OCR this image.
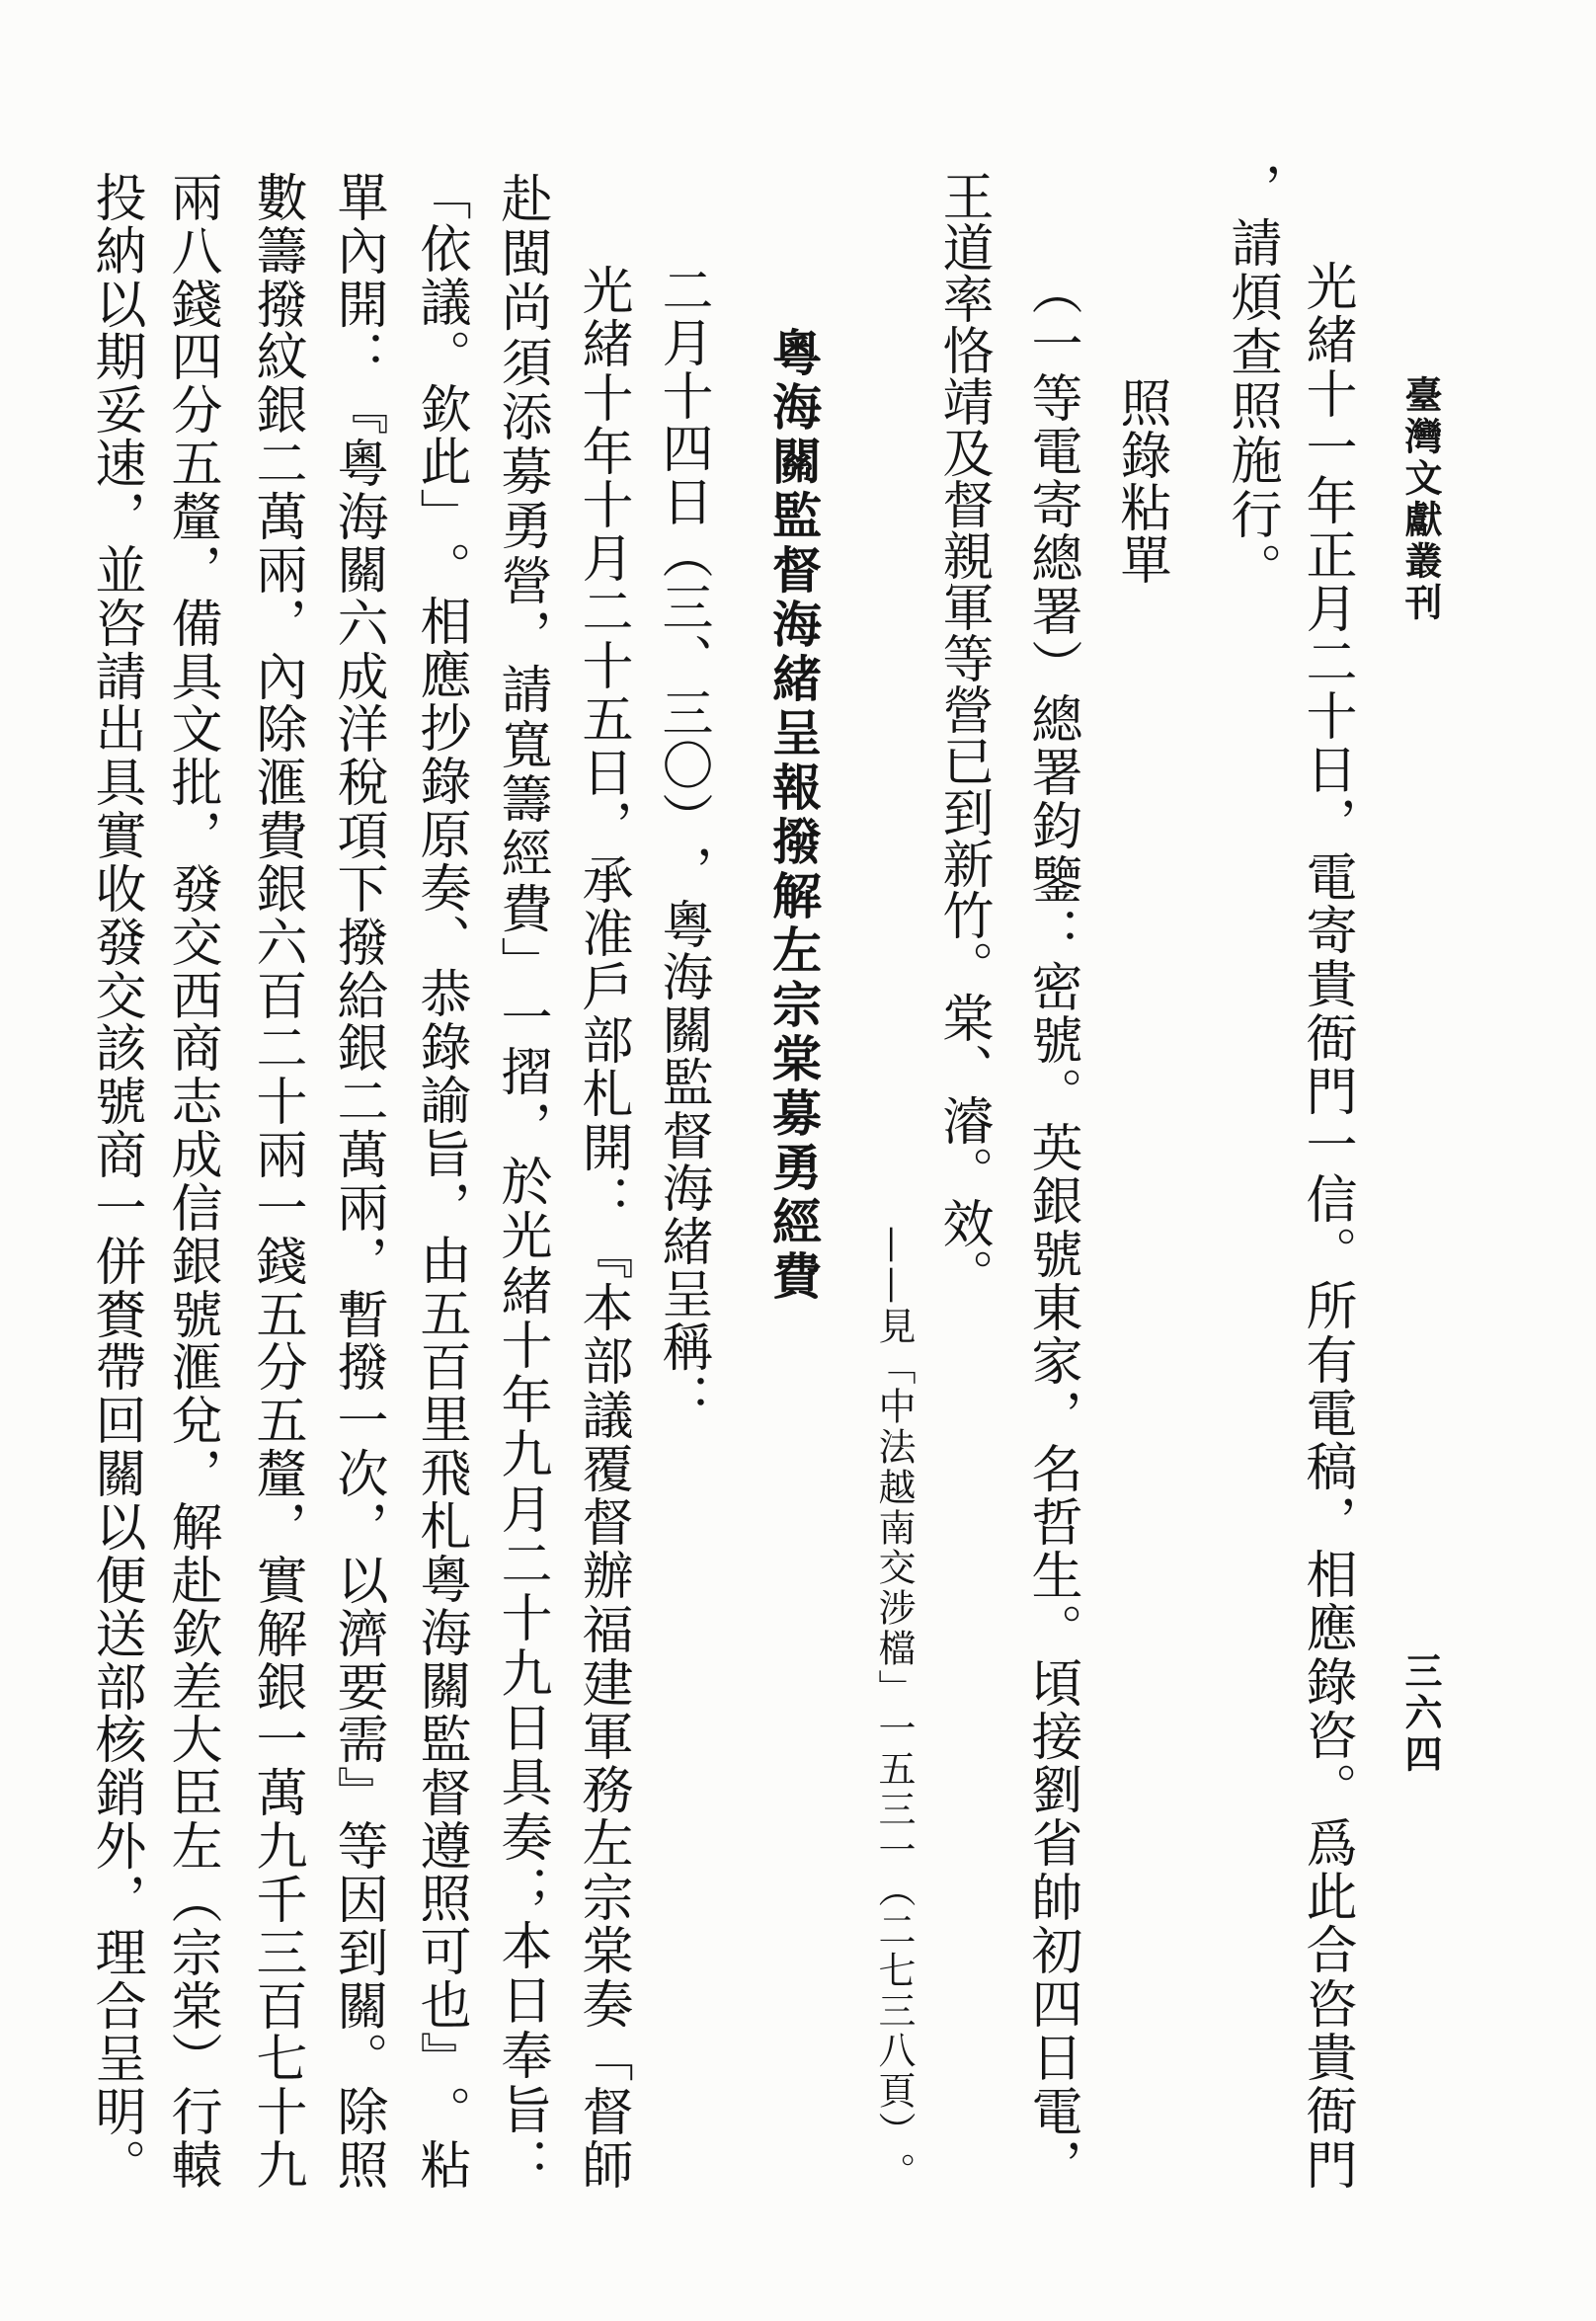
臺
灣
文
獻
叢
刊
三
六
四
光
緒
十
一
年
正
月
二
十
日
，
電
寄
貴
衙
門
一
信
。
所
有
電
稿
，
相
應
錄
咨
。
爲
此
合
咨
貴
衙
門
，
請
煩
查
照
施
行
。
照
錄
粘
單
（
一
等
電
寄
總
署
）
總
署
鈞
鑒
：
密
號
。
英
銀
號
東
家
，
名
哲
生
。
頃
接
劉
省
帥
初
四
日
電
，
王
道
率
恪
靖
及
督
親
軍
等
營
已
到
新
竹
。
棠
、
濬
。
效
。
—
—
見
「
中
法
越
南
交
涉
檔
」
一
五
三
一
（
二
七
三
八
頁
）
。
粵
海
關
監
督
海
緒
呈
報
撥
解
左
宗
棠
募
勇
經
費
二
月
十
四
日
（
三
、
三
〇
）
，
粵
海
關
監
督
海
緒
呈
稱
：
光
緒
十
年
十
月
二
十
五
日
，
承
准
戶
部
札
開
：
『
本
部
議
覆
督
辦
福
建
軍
務
左
宗
棠
奏
「
督
師
赴
閩
尚
須
添
募
勇
營
，
請
寬
籌
經
費
」
一
摺
，
於
光
緒
十
年
九
月
二
十
九
日
具
奏
；
本
日
奉
旨
：
「
依
議
。
欽
此
」
。
相
應
抄
錄
原
奏
、
恭
錄
諭
旨
，
由
五
百
里
飛
札
粵
海
關
監
督
遵
照
可
也
』
。
粘
單
內
開
：
『
粵
海
關
六
成
洋
稅
項
下
撥
給
銀
二
萬
兩
，
暫
撥
一
次
，
以
濟
要
需
』
等
因
到
關
。
除
照
數
籌
撥
紋
銀
二
萬
兩
，
內
除
滙
費
銀
六
百
二
十
兩
一
錢
五
分
五
釐
，
實
解
銀
一
萬
九
千
三
百
七
十
九
兩
八
錢
四
分
五
釐
，
備
具
文
批
，
發
交
西
商
志
成
信
銀
號
滙
兌
，
解
赴
欽
差
大
臣
左
（
宗
棠
）
行
轅
投
納
以
期
妥
速
，
並
咨
請
出
具
實
收
發
交
該
號
商
一
併
賚
帶
回
關
以
便
送
部
核
銷
外
，
理
合
呈
明
。
